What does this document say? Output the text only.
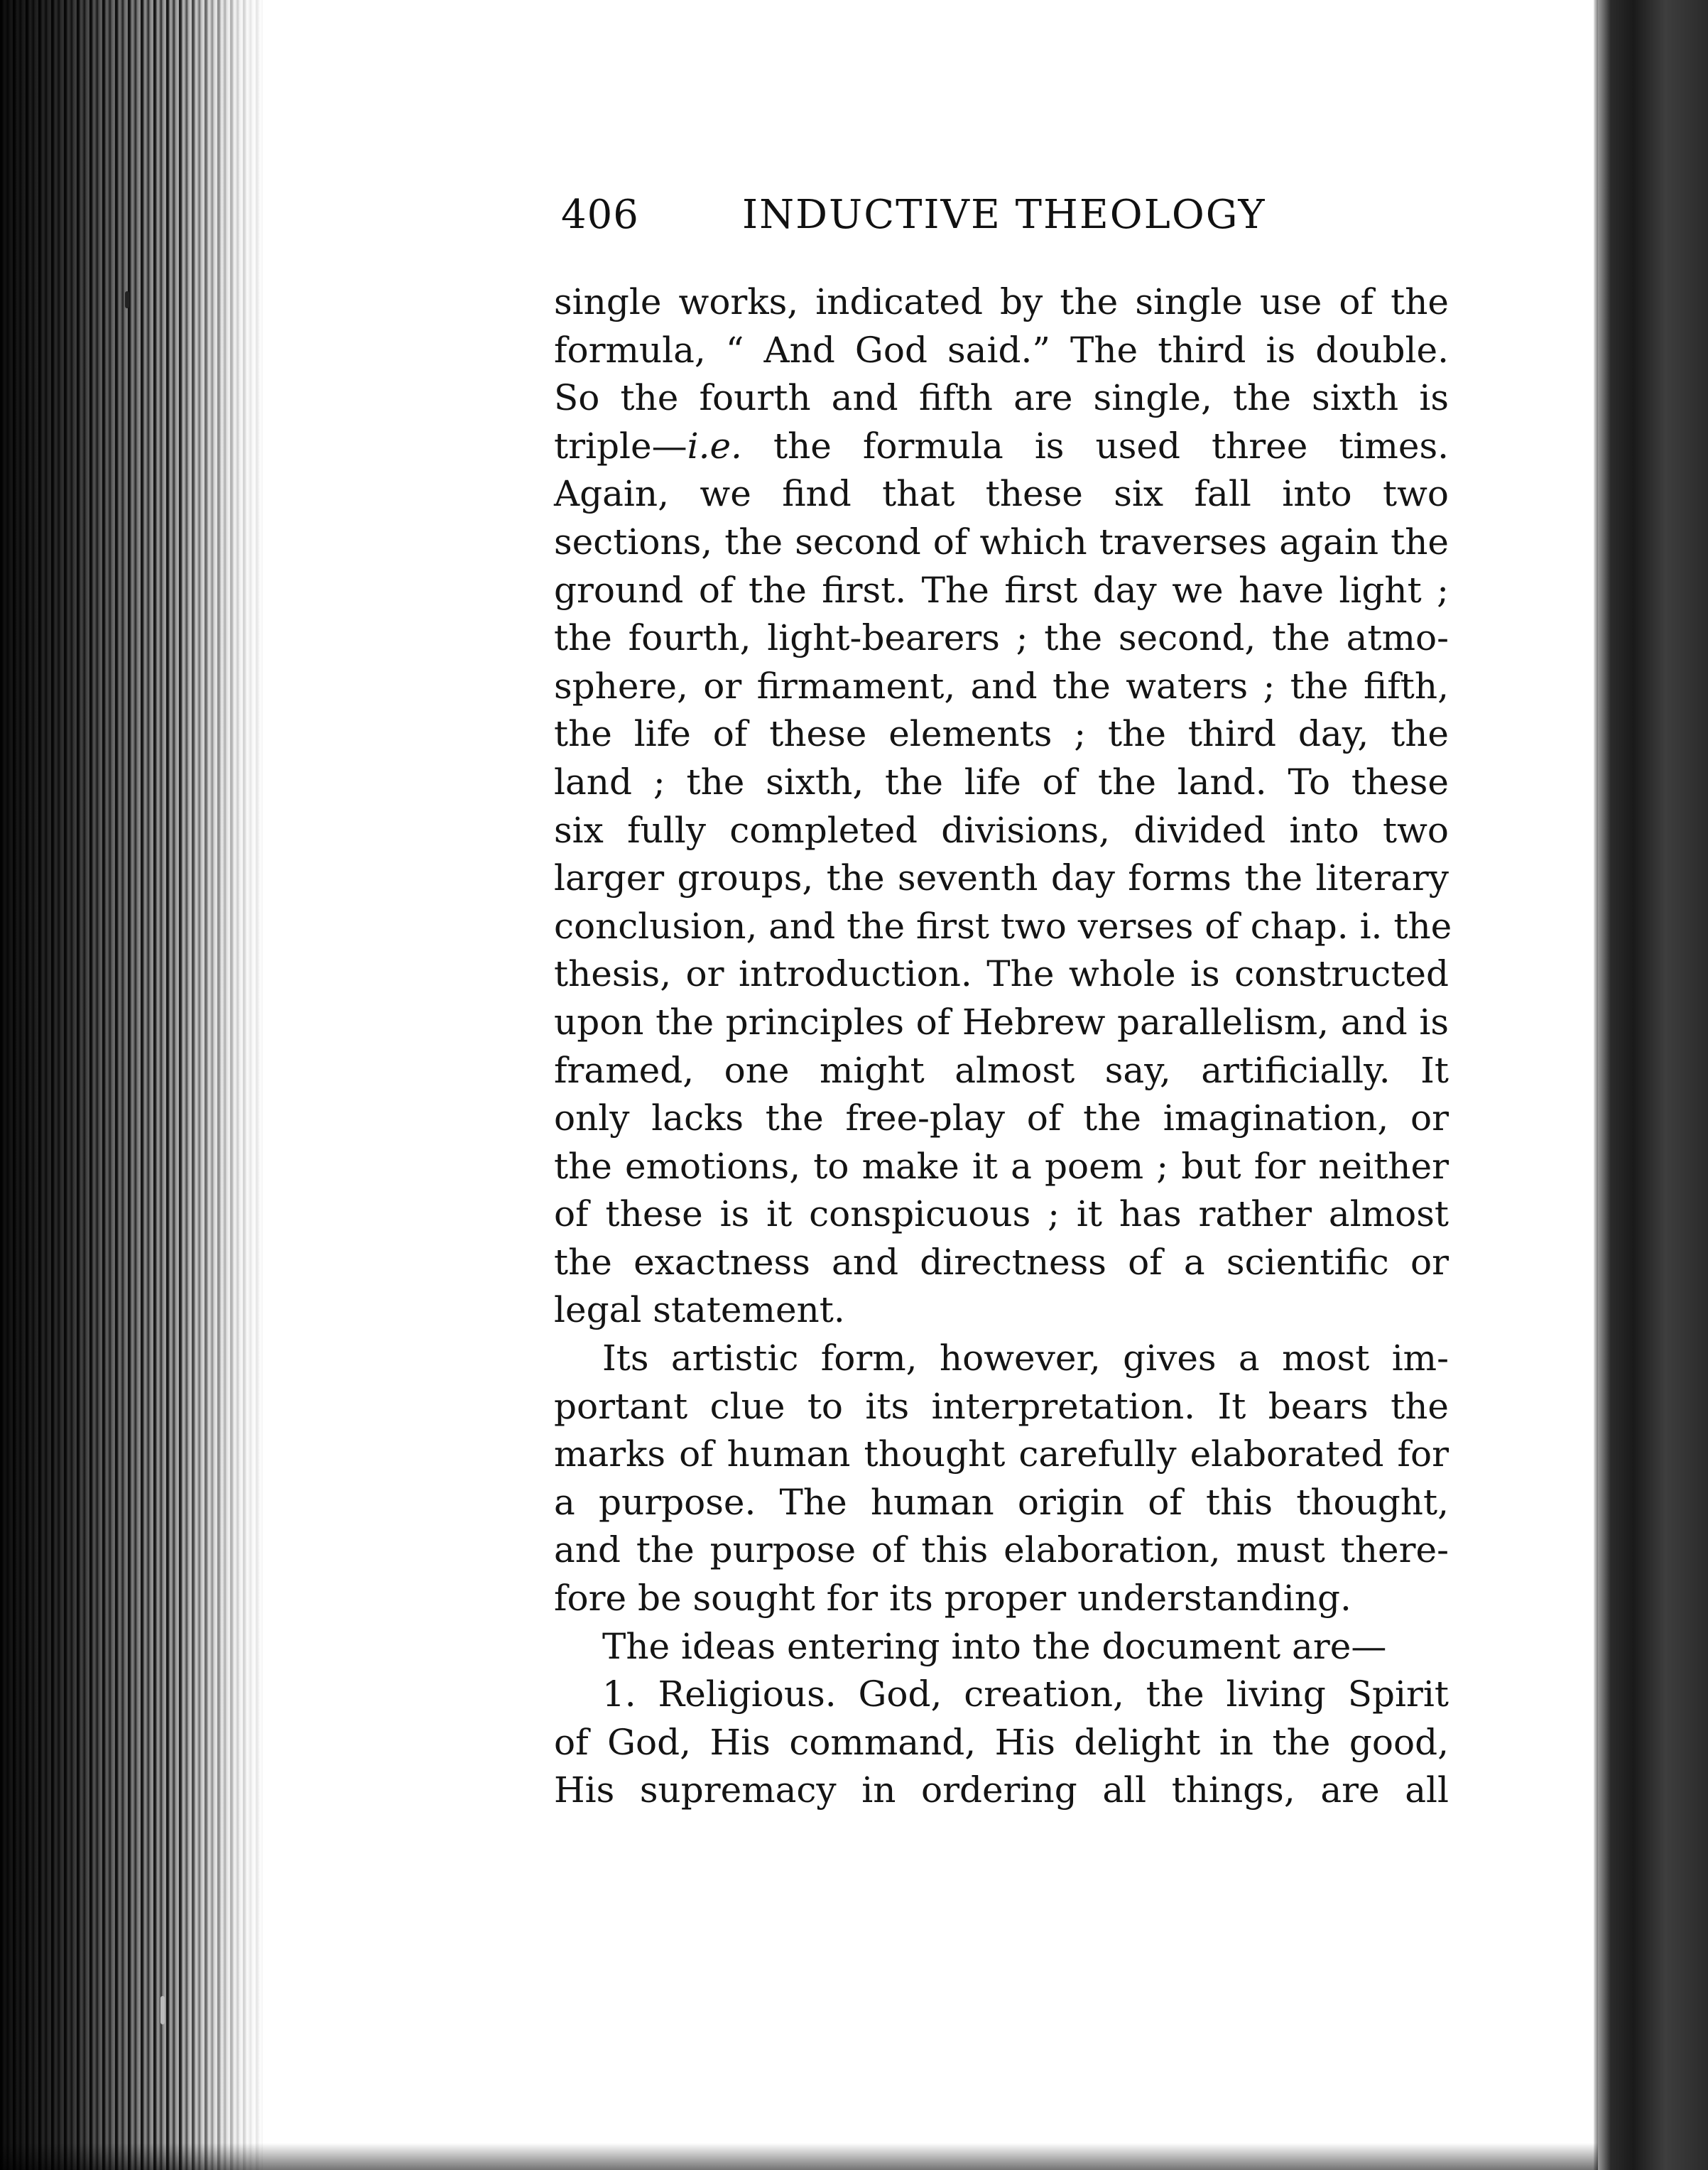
406	INDUCTIVE THEOLOGY
single works, indicated by the single use of the
formula, “ And God said.” The third is double.
So the fourth and fifth are single, the sixth is
triple—i.e. the formula is used three times.
Again, we find that these six fall into two
sections, the second of which traverses again the
ground of the first. The first day we have light ;
the fourth, light-bearers ; the second, the atmo-
sphere, or firmament, and the waters ; the fifth,
the life of these elements ; the third day, the
land ; the sixth, the life of the land. To these
six fully completed divisions, divided into two
larger groups, the seventh day forms the literary
conclusion, and the first two verses of chap. i. the
thesis, or introduction. The whole is constructed
upon the principles of Hebrew parallelism, and is
framed, one might almost say, artificially. It
only lacks the free-play of the imagination, or
the emotions, to make it a poem ; but for neither
of these is it conspicuous ; it has rather almost
the exactness and directness of a scientific or
legal statement.
Its artistic form, however, gives a most im-
portant clue to its interpretation. It bears the
marks of human thought carefully elaborated for
a purpose. The human origin of this thought,
and the purpose of this elaboration, must there-
fore be sought for its proper understanding.
The ideas entering into the document are—
1. Religious. God, creation, the living Spirit
of God, His command, His delight in the good,
His supremacy in ordering all things, are all
